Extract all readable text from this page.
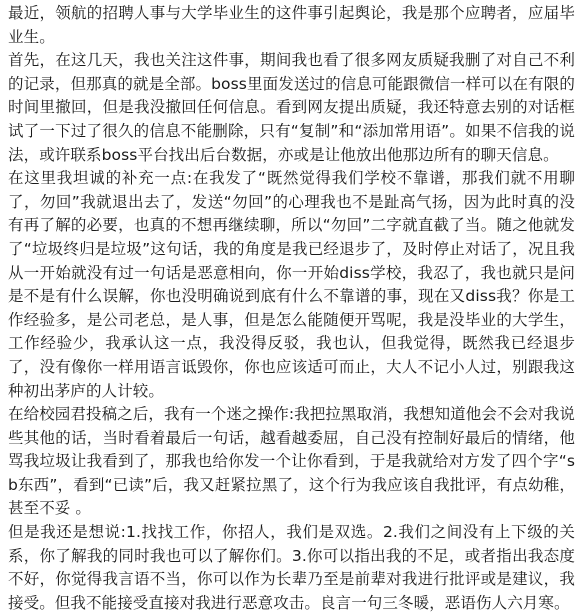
最近，领航的招聘人事与大学毕业生的这件事引起舆论，我是那个应聘者，应届毕业生。

首先，在这几天，我也关注这件事，期间我也看了很多网友质疑我删了对自己不利的记录，但那真的就是全部。boss里面发送过的信息可能跟微信一样可以在有限的时间里撤回，但是我没撤回任何信息。看到网友提出质疑，我还特意去别的对话框试了一下过了很久的信息不能删除，只有“复制”和“添加常用语”。如果不信我的说法，或许联系boss平台找出后台数据，亦或是让他放出他那边所有的聊天信息。

在这里我坦诚的补充一点:在我发了“既然觉得我们学校不靠谱，那我们就不用聊了，勿回”我就退出去了，发送“勿回”的心理我也不是趾高气扬，因为此时真的没有再了解的必要，也真的不想再继续聊，所以“勿回”二字就直截了当。随之他就发了“垃圾终归是垃圾”这句话，我的角度是我已经退步了，及时停止对话了，况且我从一开始就没有过一句话是恶意相向，你一开始diss学校，我忍了，我也就只是问是不是有什么误解，你也没明确说到底有什么不靠谱的事，现在又diss我？你是工作经验多，是公司老总，是人事，但是怎么能随便开骂呢，我是没毕业的大学生，工作经验少，我承认这一点，我没得反驳，我也认，但我觉得，既然我已经退步了，没有像你一样用语言诋毁你，你也应该适可而止，大人不记小人过，别跟我这种初出茅庐的人计较。

在给校园君投稿之后，我有一个迷之操作:我把拉黑取消，我想知道他会不会对我说些其他的话，当时看着最后一句话，越看越委屈，自己没有控制好最后的情绪，他骂我垃圾让我看到了，那我也给你发一个让你看到，于是我就给对方发了四个字“sb东西”，看到“已读”后，我又赶紧拉黑了，这个行为我应该自我批评，有点幼稚，甚至不妥 。

但是我还是想说:1.找找工作，你招人，我们是双选。2.我们之间没有上下级的关系，你了解我的同时我也可以了解你们。3.你可以指出我的不足，或者指出我态度不好，你觉得我言语不当，你可以作为长辈乃至是前辈对我进行批评或是建议，我接受。但我不能接受直接对我进行恶意攻击。良言一句三冬暖，恶语伤人六月寒。
